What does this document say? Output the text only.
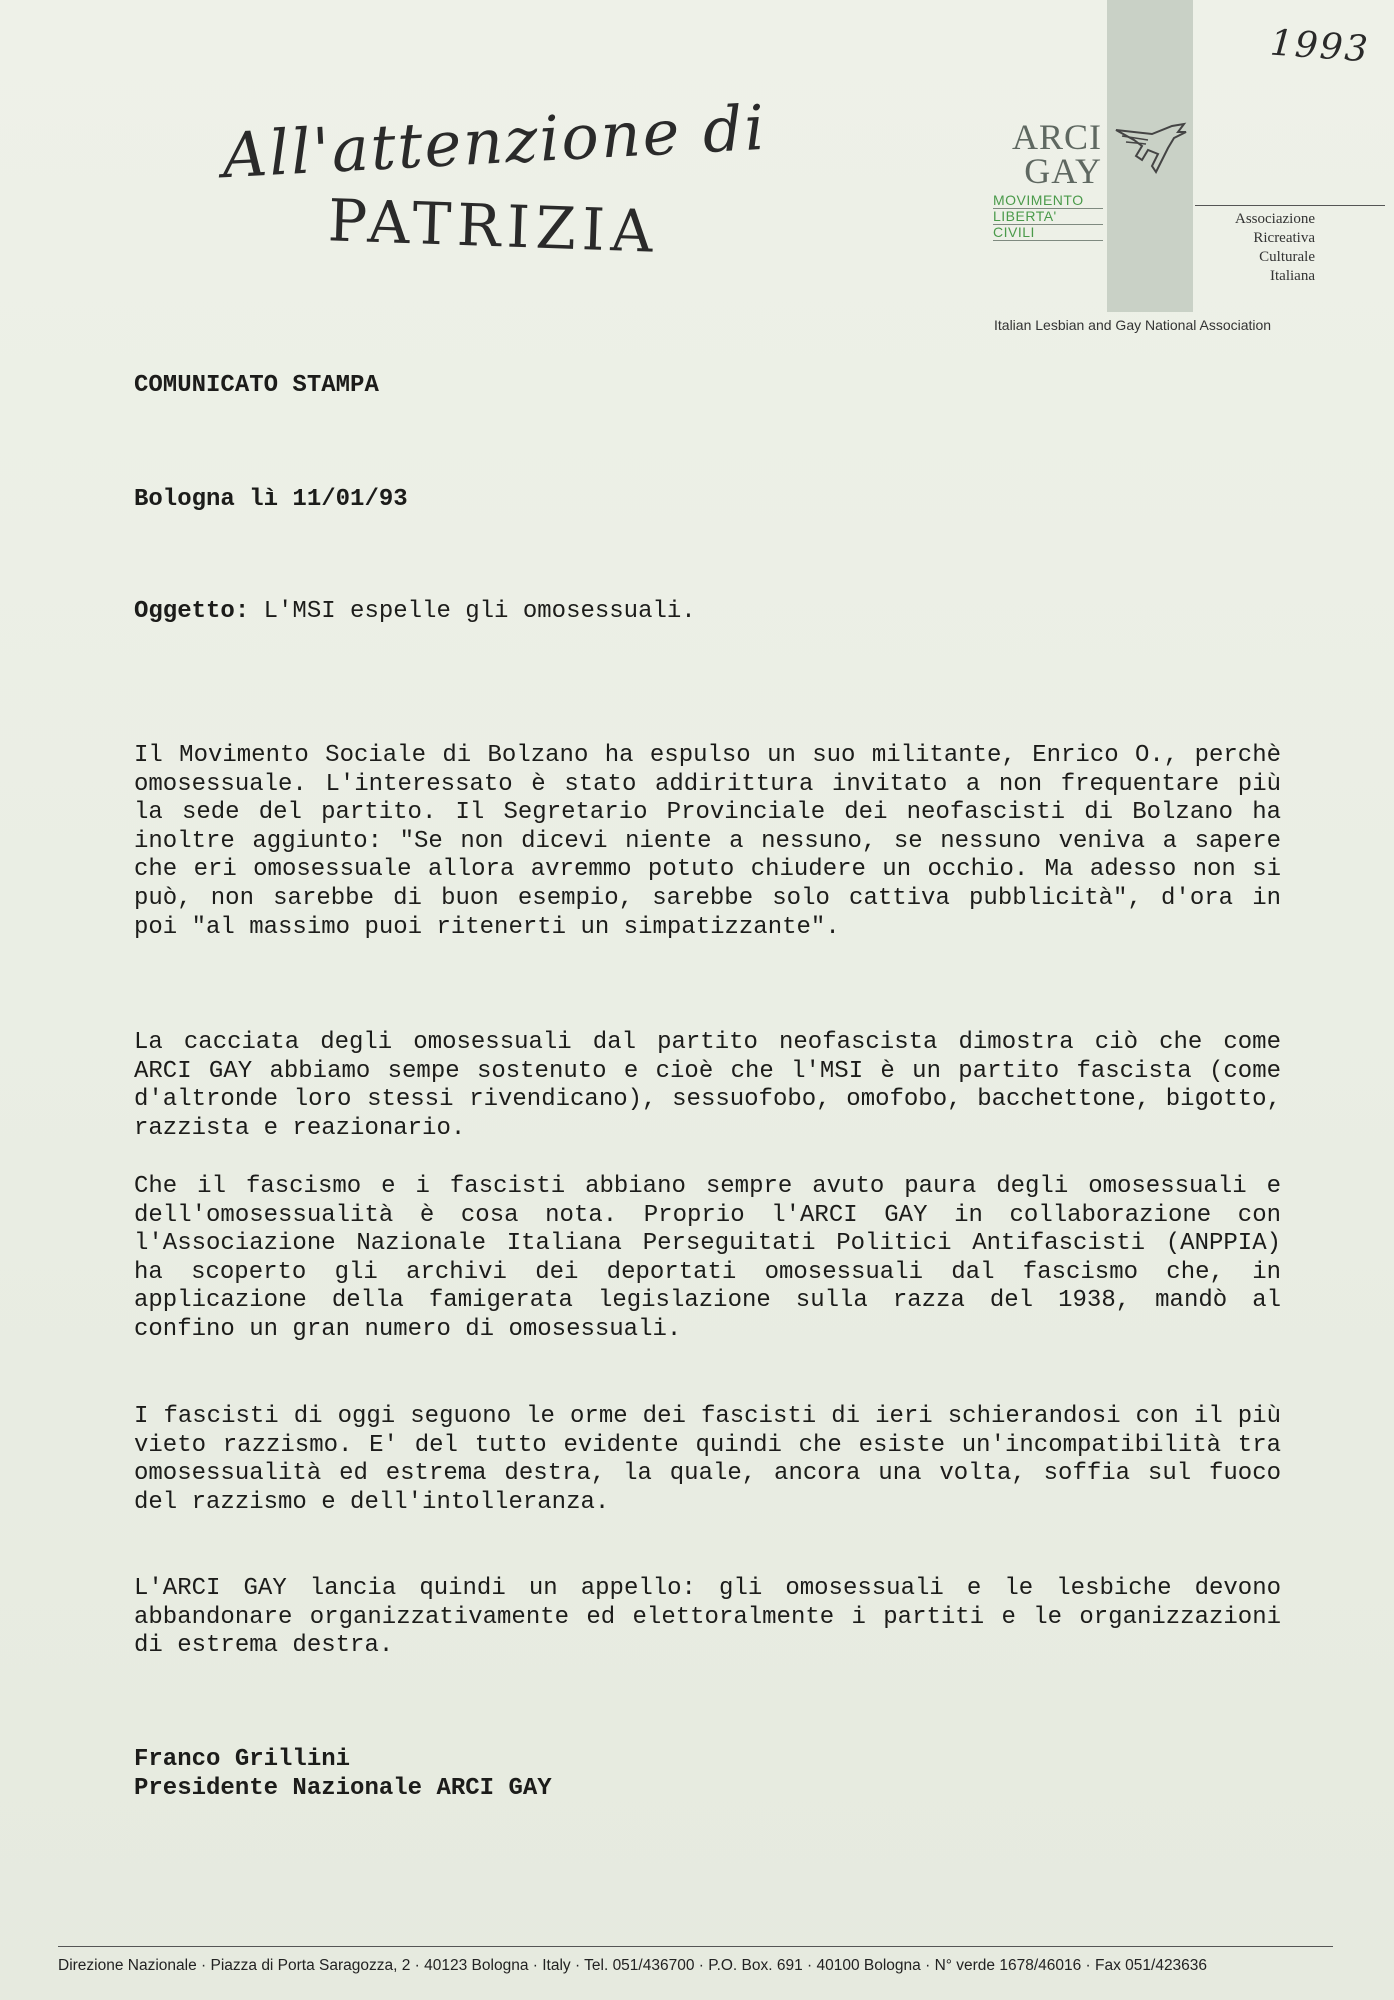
All'attenzione di
PATRIZIA
1993
ARCI
GAY
MOVIMENTO
LIBERTA'
CIVILI
Associazione
Ricreativa
Culturale
Italiana
Italian Lesbian and Gay National Association
COMUNICATO STAMPA
Bologna lì 11/01/93
Oggetto: L'MSI espelle gli omosessuali.

Il Movimento Sociale di Bolzano ha espulso un suo militante, Enrico O., perchè omosessuale. L'interessato è stato addirittura invitato a non frequentare più la sede del partito. Il Segretario Provinciale dei neofascisti di Bolzano ha inoltre aggiunto: "Se non dicevi niente a nessuno, se nessuno veniva a sapere che eri omosessuale allora avremmo potuto chiudere un occhio. Ma adesso non si può, non sarebbe di buon esempio, sarebbe solo cattiva pubblicità", d'ora in poi "al massimo puoi ritenerti un simpatizzante".

La cacciata degli omosessuali dal partito neofascista dimostra ciò che come ARCI GAY abbiamo sempe sostenuto e cioè che l'MSI è un partito fascista (come d'altronde loro stessi rivendicano), sessuofobo, omofobo, bacchettone, bigotto, razzista e reazionario.

Che il fascismo e i fascisti abbiano sempre avuto paura degli omosessuali e dell'omosessualità è cosa nota. Proprio l'ARCI GAY in collaborazione con l'Associazione Nazionale Italiana Perseguitati Politici Antifascisti (ANPPIA) ha scoperto gli archivi dei deportati omosessuali dal fascismo che, in applicazione della famigerata legislazione sulla razza del 1938, mandò al confino un gran numero di omosessuali.

I fascisti di oggi seguono le orme dei fascisti di ieri schierandosi con il più vieto razzismo. E' del tutto evidente quindi che esiste un'incompatibilità tra omosessualità ed estrema destra, la quale, ancora una volta, soffia sul fuoco del razzismo e dell'intolleranza.

L'ARCI GAY lancia quindi un appello: gli omosessuali e le lesbiche devono abbandonare organizzativamente ed elettoralmente i partiti e le organizzazioni di estrema destra.

Franco Grillini
Presidente Nazionale ARCI GAY
Direzione Nazionale · Piazza di Porta Saragozza, 2 · 40123 Bologna · Italy · Tel. 051/436700 · P.O. Box. 691 · 40100 Bologna · N° verde 1678/46016 · Fax 051/423636
